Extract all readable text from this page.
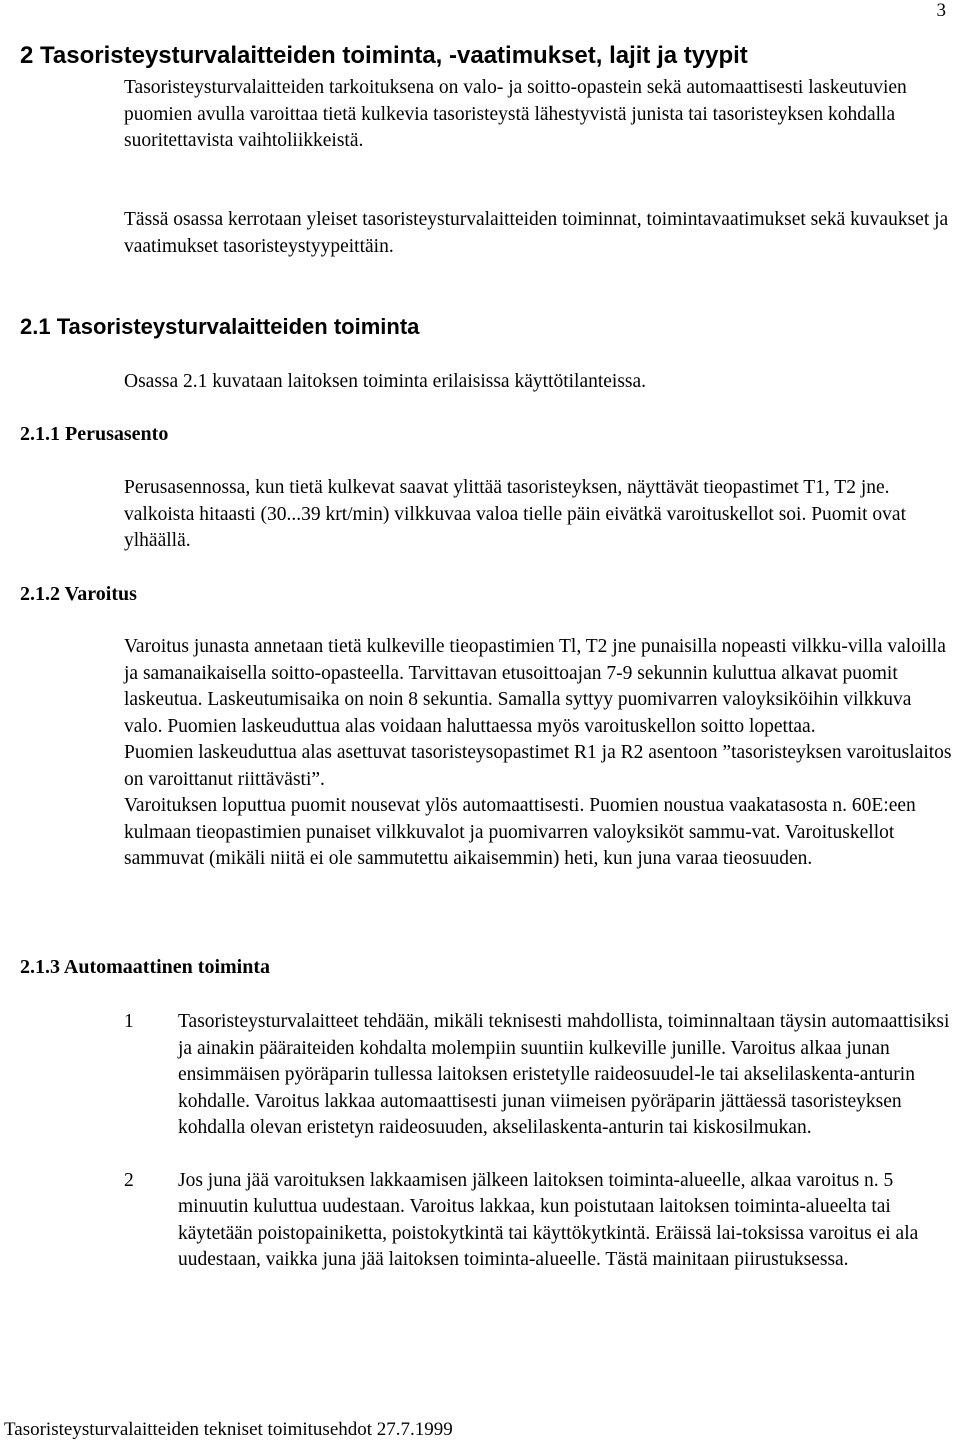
3
2 Tasoristeysturvalaitteiden toiminta, -vaatimukset, lajit ja tyypit

Tasoristeysturvalaitteiden tarkoituksena on valo- ja soitto-opastein sekä automaattisesti laskeutuvien puomien avulla varoittaa tietä kulkevia tasoristeystä lähestyvistä junista tai tasoristeyksen kohdalla suoritettavista vaihtoliikkeistä.

Tässä osassa kerrotaan yleiset tasoristeysturvalaitteiden toiminnat, toimintavaatimukset sekä kuvaukset ja vaatimukset tasoristeystyypeittäin.

2.1 Tasoristeysturvalaitteiden toiminta
Osassa 2.1 kuvataan laitoksen toiminta erilaisissa käyttötilanteissa.
2.1.1 Perusasento
Perusasennossa, kun tietä kulkevat saavat ylittää tasoristeyksen, näyttävät tieopastimet T1, T2 jne. valkoista hitaasti (30...39 krt/min) vilkkuvaa valoa tielle päin eivätkä varoituskellot soi. Puomit ovat ylhäällä.
2.1.2 Varoitus

Varoitus junasta annetaan tietä kulkeville tieopastimien Tl, T2 jne punaisilla nopeasti vilkku-villa valoilla ja samanaikaisella soitto-opasteella. Tarvittavan etusoittoajan 7-9 sekunnin kuluttua alkavat puomit laskeutua. Laskeutumisaika on noin 8 sekuntia. Samalla syttyy puomivarren valoyksiköihin vilkkuva valo. Puomien laskeuduttua alas voidaan haluttaessa myös varoituskellon soitto lopettaa.

Puomien laskeuduttua alas asettuvat tasoristeysopastimet R1 ja R2 asentoon ”tasoristeyksen varoituslaitos on varoittanut riittävästi”.

Varoituksen loputtua puomit nousevat ylös automaattisesti. Puomien noustua vaakatasosta n. 60E:een kulmaan tieopastimien punaiset vilkkuvalot ja puomivarren valoyksiköt sammu-vat. Varoituskellot sammuvat (mikäli niitä ei ole sammutettu aikaisemmin) heti, kun juna varaa tieosuuden.

2.1.3 Automaattinen toiminta
1 Tasoristeysturvalaitteet tehdään, mikäli teknisesti mahdollista, toiminnaltaan täysin automaattisiksi ja ainakin pääraiteiden kohdalta molempiin suuntiin kulkeville junille. Varoitus alkaa junan ensimmäisen pyöräparin tullessa laitoksen eristetylle raideosuudel-le tai akselilaskenta-anturin kohdalle. Varoitus lakkaa automaattisesti junan viimeisen pyöräparin jättäessä tasoristeyksen kohdalla olevan eristetyn raideosuuden, akselilaskenta-anturin tai kiskosilmukan.
2 Jos juna jää varoituksen lakkaamisen jälkeen laitoksen toiminta-alueelle, alkaa varoitus n. 5 minuutin kuluttua uudestaan. Varoitus lakkaa, kun poistutaan laitoksen toiminta-alueelta tai käytetään poistopainiketta, poistokytkintä tai käyttökytkintä. Eräissä lai-toksissa varoitus ei ala uudestaan, vaikka juna jää laitoksen toiminta-alueelle. Tästä mainitaan piirustuksessa.
Tasoristeysturvalaitteiden tekniset toimitusehdot 27.7.1999
